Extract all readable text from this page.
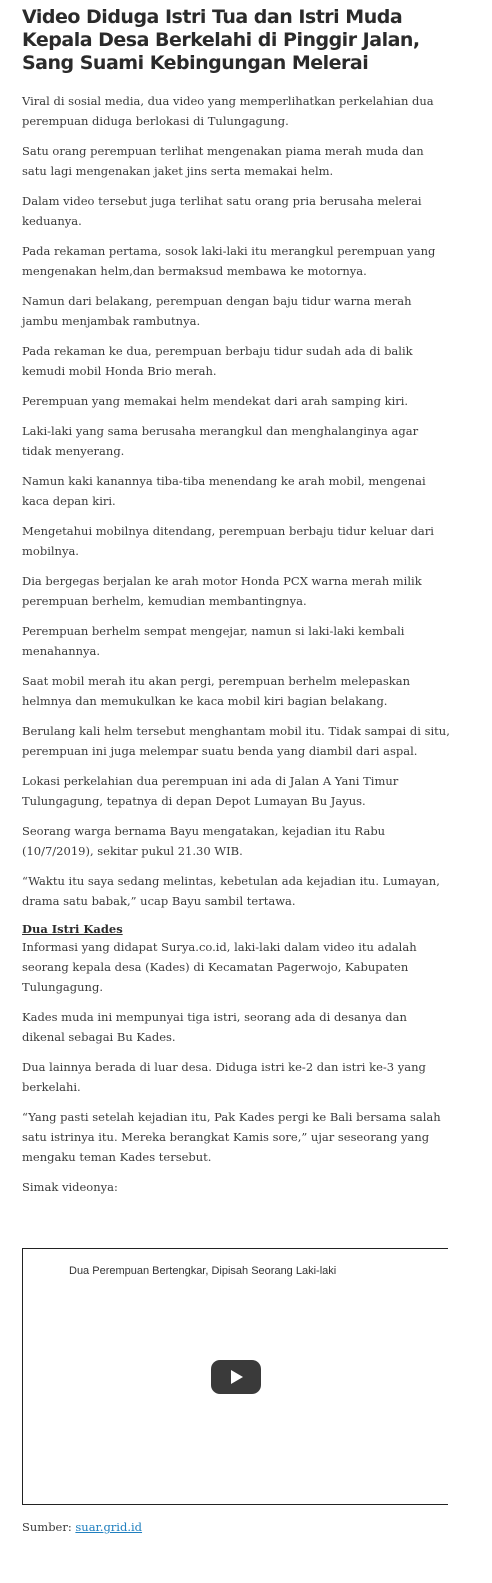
Video Diduga Istri Tua dan Istri Muda Kepala Desa Berkelahi di Pinggir Jalan, Sang Suami Kebingungan Melerai

Viral di sosial media, dua video yang memperlihatkan perkelahian dua perempuan diduga berlokasi di Tulungagung.

Satu orang perempuan terlihat mengenakan piama merah muda dan satu lagi mengenakan jaket jins serta memakai helm.

Dalam video tersebut juga terlihat satu orang pria berusaha melerai keduanya.

Pada rekaman pertama, sosok laki-laki itu merangkul perempuan yang mengenakan helm,dan bermaksud membawa ke motornya.

Namun dari belakang, perempuan dengan baju tidur warna merah jambu menjambak rambutnya.

Pada rekaman ke dua, perempuan berbaju tidur sudah ada di balik kemudi mobil Honda Brio merah.

Perempuan yang memakai helm mendekat dari arah samping kiri.

Laki-laki yang sama berusaha merangkul dan menghalanginya agar tidak menyerang.

Namun kaki kanannya tiba-tiba menendang ke arah mobil, mengenai kaca depan kiri.

Mengetahui mobilnya ditendang, perempuan berbaju tidur keluar dari mobilnya.

Dia bergegas berjalan ke arah motor Honda PCX warna merah milik perempuan berhelm, kemudian membantingnya.

Perempuan berhelm sempat mengejar, namun si laki-laki kembali menahannya.

Saat mobil merah itu akan pergi, perempuan berhelm melepaskan helmnya dan memukulkan ke kaca mobil kiri bagian belakang.

Berulang kali helm tersebut menghantam mobil itu. Tidak sampai di situ, perempuan ini juga melempar suatu benda yang diambil dari aspal.

Lokasi perkelahian dua perempuan ini ada di Jalan A Yani Timur Tulungagung, tepatnya di depan Depot Lumayan Bu Jayus.

Seorang warga bernama Bayu mengatakan, kejadian itu Rabu (10/7/2019), sekitar pukul 21.30 WIB.

“Waktu itu saya sedang melintas, kebetulan ada kejadian itu. Lumayan, drama satu babak,” ucap Bayu sambil tertawa.

Dua Istri Kades

Informasi yang didapat Surya.co.id, laki-laki dalam video itu adalah seorang kepala desa (Kades) di Kecamatan Pagerwojo, Kabupaten Tulungagung.

Kades muda ini mempunyai tiga istri, seorang ada di desanya dan dikenal sebagai Bu Kades.

Dua lainnya berada di luar desa. Diduga istri ke-2 dan istri ke-3 yang berkelahi.

“Yang pasti setelah kejadian itu, Pak Kades pergi ke Bali bersama salah satu istrinya itu. Mereka berangkat Kamis sore,” ujar seseorang yang mengaku teman Kades tersebut.

Simak videonya:

Dua Perempuan Bertengkar, Dipisah Seorang Laki-laki
Sumber: suar.grid.id
